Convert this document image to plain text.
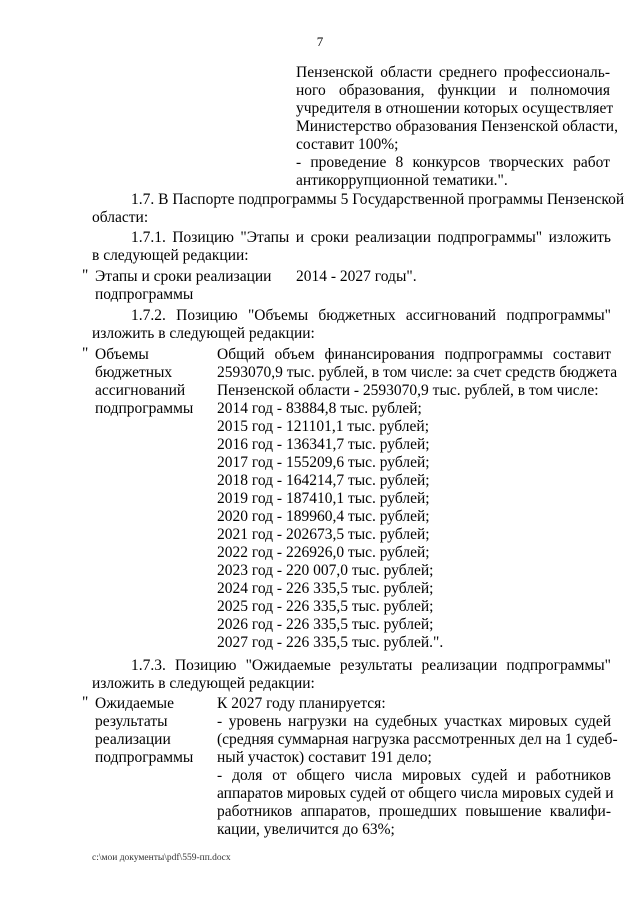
7
Пензенской области среднего профессиональ-
ного образования, функции и полномочия
учредителя в отношении которых осуществляет
Министерство образования Пензенской области,
составит 100%;
- проведение 8 конкурсов творческих работ
антикоррупционной тематики.".
1.7. В Паспорте подпрограммы 5 Государственной программы Пензенской
области:
1.7.1. Позицию "Этапы и сроки реализации подпрограммы" изложить
в следующей редакции:
" Этапы и сроки реализации
подпрограммы
2014 - 2027 годы".
1.7.2. Позицию "Объемы бюджетных ассигнований подпрограммы"
изложить в следующей редакции:
" Объемы
бюджетных
ассигнований
подпрограммы
Общий объем финансирования подпрограммы составит
2593070,9 тыс. рублей, в том числе: за счет средств бюджета
Пензенской области - 2593070,9 тыс. рублей, в том числе:
2014 год - 83884,8 тыс. рублей;
2015 год - 121101,1 тыс. рублей;
2016 год - 136341,7 тыс. рублей;
2017 год - 155209,6 тыс. рублей;
2018 год - 164214,7 тыс. рублей;
2019 год - 187410,1 тыс. рублей;
2020 год - 189960,4 тыс. рублей;
2021 год - 202673,5 тыс. рублей;
2022 год - 226926,0 тыс. рублей;
2023 год - 220 007,0 тыс. рублей;
2024 год - 226 335,5 тыс. рублей;
2025 год - 226 335,5 тыс. рублей;
2026 год - 226 335,5 тыс. рублей;
2027 год - 226 335,5 тыс. рублей.".
1.7.3. Позицию "Ожидаемые результаты реализации подпрограммы"
изложить в следующей редакции:
" Ожидаемые
результаты
реализации
подпрограммы
К 2027 году планируется:
- уровень нагрузки на судебных участках мировых судей
(средняя суммарная нагрузка рассмотренных дел на 1 судеб-
ный участок) составит 191 дело;
- доля от общего числа мировых судей и работников
аппаратов мировых судей от общего числа мировых судей и
работников аппаратов, прошедших повышение квалифи-
кации, увеличится до 63%;
c:\мои документы\pdf\559-пп.docx
